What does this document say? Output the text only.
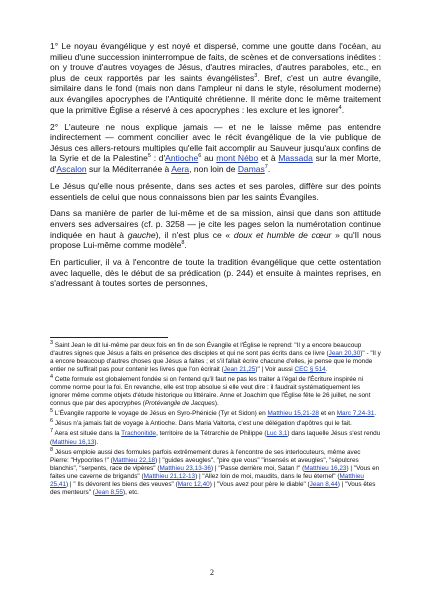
1° Le noyau évangélique y est noyé et dispersé, comme une goutte dans l'océan, au milieu d'une succession ininterrompue de faits, de scènes et de conversations inédites : on y trouve d'autres voyages de Jésus, d'autres miracles, d'autres paraboles, etc., en plus de ceux rapportés par les saints évangélistes$^3$. Bref, c'est un autre évangile, similaire dans le fond (mais non dans l'ampleur ni dans le style, résolument moderne) aux évangiles apocryphes de l'Antiquité chrétienne. Il mérite donc le même traitement que la primitive Église a réservé à ces apocryphes : les exclure et les ignorer$^4$.

2° L'auteure ne nous explique jamais — et ne le laisse même pas entendre indirectement — comment concilier avec le récit évangélique de la vie publique de Jésus ces allers-retours multiples qu'elle fait accomplir au Sauveur jusqu'aux confins de la Syrie et de la Palestine$^5$ : d'Antioche$^6$ au mont Nébo et à Massada sur la mer Morte, d'Ascalon sur la Méditerranée à Aera, non loin de Damas$^7$.

Le Jésus qu'elle nous présente, dans ses actes et ses paroles, diffère sur des points essentiels de celui que nous connaissons bien par les saints Évangiles.

Dans sa manière de parler de lui-même et de sa mission, ainsi que dans son attitude envers ses adversaires (cf. p. 3258 — je cite les pages selon la numérotation continue indiquée en haut à gauche), il n'est plus ce « doux et humble de cœur » qu'Il nous propose Lui-même comme modèle$^8$.

En particulier, il va à l'encontre de toute la tradition évangélique que cette ostentation avec laquelle, dès le début de sa prédication (p. 244) et ensuite à maintes reprises, en s'adressant à toutes sortes de personnes,

$^3$ Saint Jean le dit lui-même par deux fois en fin de son Évangile et l'Église le reprend: "Il y a encore beaucoup d'autres signes que Jésus a faits en présence des disciples et qui ne sont pas écrits dans ce livre (Jean 20,30)" - "Il y a encore beaucoup d'autres choses que Jésus a faites ; et s'il fallait écrire chacune d'elles, je pense que le monde entier ne suffirait pas pour contenir les livres que l'on écrirait (Jean 21,25)" | Voir aussi CEC § 514.

$^4$ Cette formule est globalement fondée si on l'entend qu'il faut ne pas les traiter à l'égal de l'Écriture inspirée ni comme norme pour la foi. En revanche, elle est trop absolue si elle veut dire : il faudrait systématiquement les ignorer même comme objets d'étude historique ou littéraire. Anne et Joachim que l'Église fête le 26 juillet, ne sont connus que par des apocryphes (Protévangile de Jacques).

$^5$ L'Évangile rapporte le voyage de Jésus en Syro-Phénicie (Tyr et Sidon) en Matthieu 15,21-28 et en Marc 7,24-31.

$^6$ Jésus n'a jamais fait de voyage à Antioche. Dans Maria Valtorta, c'est une délégation d'apôtres qui le fait.

$^7$ Aera est située dans la Trachonitide, territoire de la Tétrarchie de Philippe (Luc 3,1) dans laquelle Jésus s'est rendu (Matthieu 16,13).

$^8$ Jésus emploie aussi des formules parfois extrêmement dures à l'encontre de ses interlocuteurs, même avec Pierre: "Hypocrites !" (Matthieu 22,18) | "guides aveugles", "pire que vous" "insensés et aveugles", "sépulcres blanchis", "serpents, race de vipères" (Matthieu 23,13-36) | "Passe derrière moi, Satan !" (Matthieu 16,23) | "Vous en faites une caverne de brigands" (Matthieu 21,12-13) | "Allez loin de moi, maudits, dans le feu éternel" (Matthieu 25,41) | " Ils dévorent les biens des veuves" (Marc 12,40) | "Vous avez pour père le diable" (Jean 8,44) | "Vous êtes des menteurs" (Jean 8,55), etc.

2
